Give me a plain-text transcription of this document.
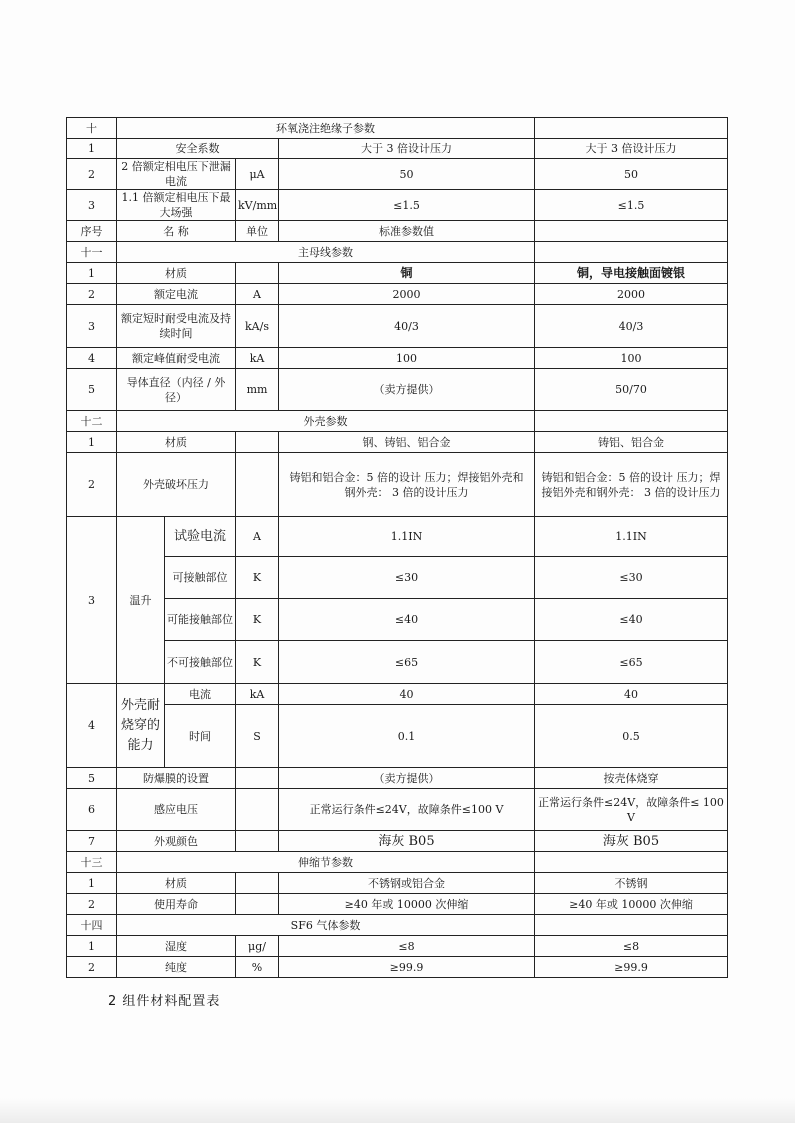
十	环氧浇注绝缘子参数				
1	安全系数			大于 3 倍设计压力	大于 3 倍设计压力
2	2 倍额定相电压下泄漏电流		μA	50	50
3	1.1 倍额定相电压下最大场强		kV/mm	≤1.5	≤1.5
序号	名 称		单位	标准参数值	
十一	主母线参数				
1	材质			铜	铜，导电接触面镀银
2	额定电流		A	2000	2000
3	额定短时耐受电流及持续时间		kA/s	40/3	40/3
4	额定峰值耐受电流		kA	100	100
5	导体直径（内径 / 外径）		mm	（卖方提供）	50/70
十二	外壳参数				
1	材质			钢、铸铝、铝合金	铸铝、铝合金
2	外壳破坏压力			铸铝和铝合金：5 倍的设计 压力；焊接铝外壳和钢外壳： 3 倍的设计压力	铸铝和铝合金：5 倍的设计 压力；焊接铝外壳和钢外壳： 3 倍的设计压力
3	温升	试验电流	A	1.1IN	1.1IN
		可接触部位	K	≤30	≤30
		可能接触部位	K	≤40	≤40
		不可接触部位	K	≤65	≤65
4	外壳耐烧穿的能力	电流	kA	40	40
		时间	S	0.1	0.5
5	防爆膜的设置			（卖方提供）	按壳体烧穿
6	感应电压			正常运行条件≤24V，故障条件≤100 V	正常运行条件≤24V，故障条件≤ 100 V
7	外观颜色			海灰 B05	海灰 B05
十三	伸缩节参数				
1	材质			不锈钢或铝合金	不锈钢
2	使用寿命			≥40 年或 10000 次伸缩	≥40 年或 10000 次伸缩
十四	SF6 气体参数				
1	湿度		μg/	≤8	≤8
2	纯度		%	≥99.9	≥99.9
2 组件材料配置表
